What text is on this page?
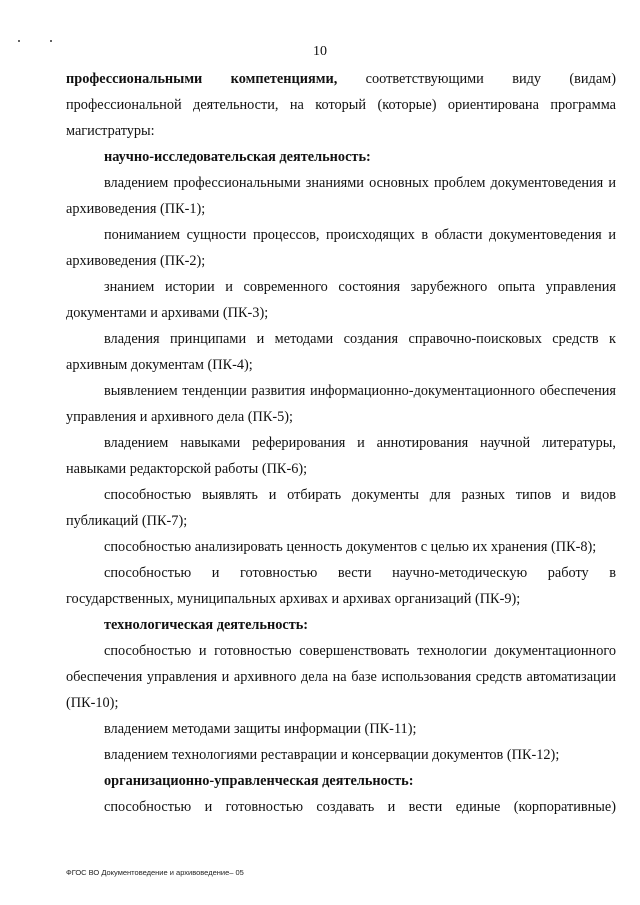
10

профессиональными компетенциями, соответствующими виду (видам) профессиональной деятельности, на который (которые) ориентирована программа магистратуры:

научно-исследовательская деятельность:

владением профессиональными знаниями основных проблем документоведения и архивоведения (ПК-1);

пониманием сущности процессов, происходящих в области документоведения и архивоведения (ПК-2);

знанием истории и современного состояния зарубежного опыта управления документами и архивами (ПК-3);

владения принципами и методами создания справочно-поисковых средств к архивным документам (ПК-4);

выявлением тенденции развития информационно-документационного обеспечения управления и архивного дела (ПК-5);

владением навыками реферирования и аннотирования научной литературы, навыками редакторской работы (ПК-6);

способностью выявлять и отбирать документы для разных типов и видов публикаций (ПК-7);

способностью анализировать ценность документов с целью их хранения (ПК-8);

способностью и готовностью вести научно-методическую работу в государственных, муниципальных архивах и архивах организаций (ПК-9);

технологическая деятельность:

способностью и готовностью совершенствовать технологии документационного обеспечения управления и архивного дела на базе использования средств автоматизации (ПК-10);

владением методами защиты информации (ПК-11);

владением технологиями реставрации и консервации документов (ПК-12);

организационно-управленческая деятельность:

способностью и готовностью создавать и вести единые (корпоративные)

ФГОС ВО Документоведение и архивоведение– 05
